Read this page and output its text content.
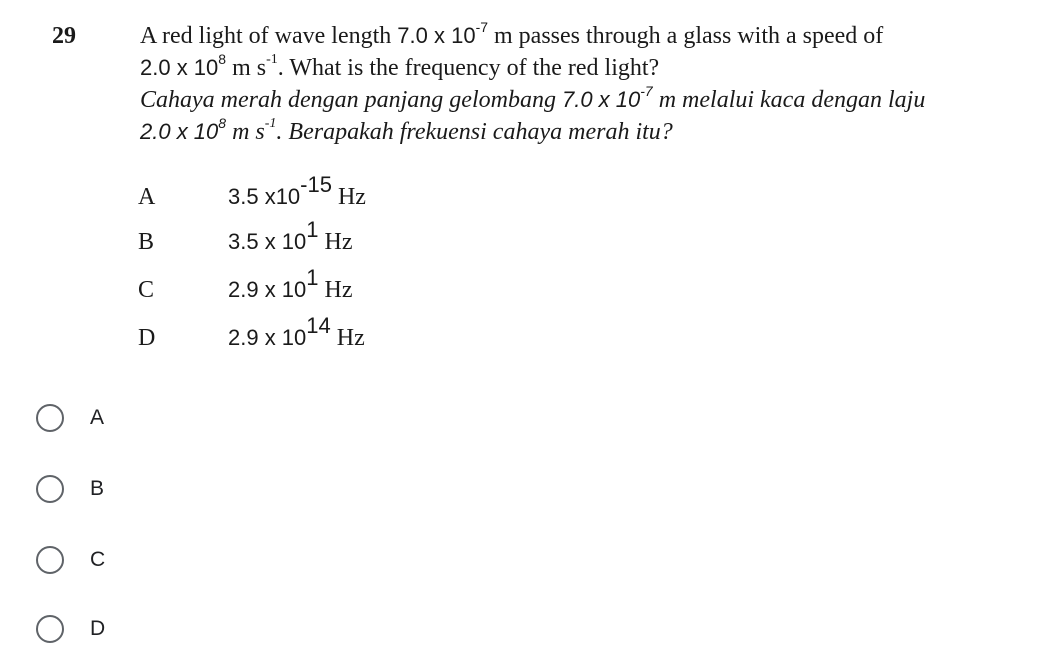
29	A red light of wave length 7.0 x $10^{-7}$ m passes through a glass with a speed of
2.0 x $10^8$ m $s^{-1}$. What is the frequency of the red light?
Cahaya merah dengan panjang gelombang 7.0 x $10^{-7}$ m melalui kaca dengan laju
2.0 x $10^8$ m $s^{-1}$. Berapakah frekuensi cahaya merah itu?
A	3.5 $x10^{-15}$ Hz
B	3.5 x $10^1$ Hz
C	2.9 x $10^1$ Hz
D	2.9 x $10^{14}$ Hz
A
B
C
D
